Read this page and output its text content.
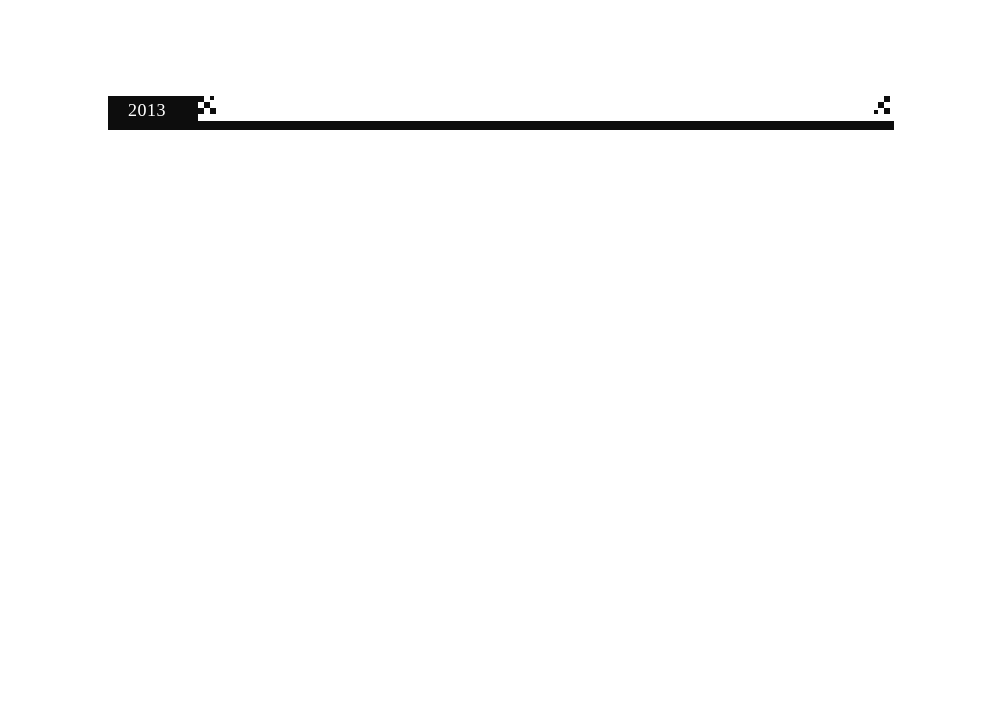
2013
